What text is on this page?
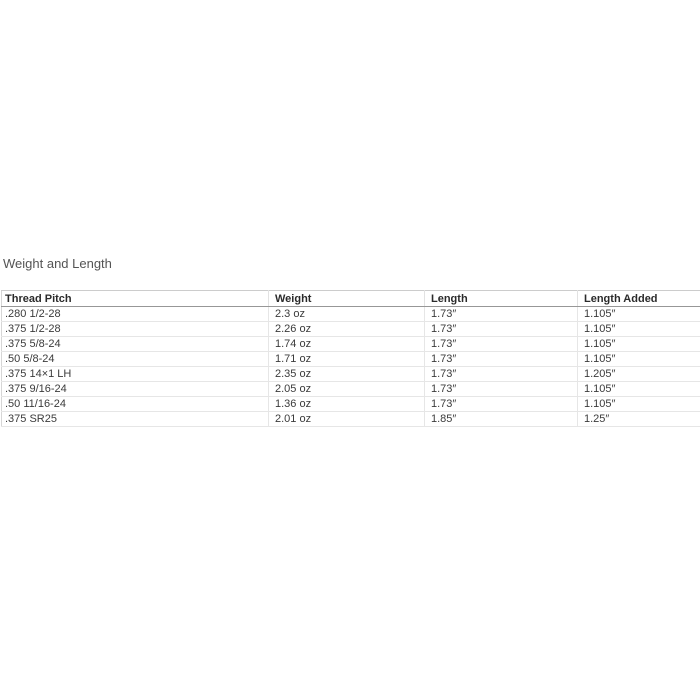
Weight and Length
Thread Pitch	Weight	Length	Length Added
.280 1/2-28	2.3 oz	1.73″	1.105″
.375 1/2-28	2.26 oz	1.73″	1.105″
.375 5/8-24	1.74 oz	1.73″	1.105″
.50 5/8-24	1.71 oz	1.73″	1.105″
.375 14×1 LH	2.35 oz	1.73″	1.205″
.375 9/16-24	2.05 oz	1.73″	1.105″
.50 11/16-24	1.36 oz	1.73″	1.105″
.375 SR25	2.01 oz	1.85″	1.25″
